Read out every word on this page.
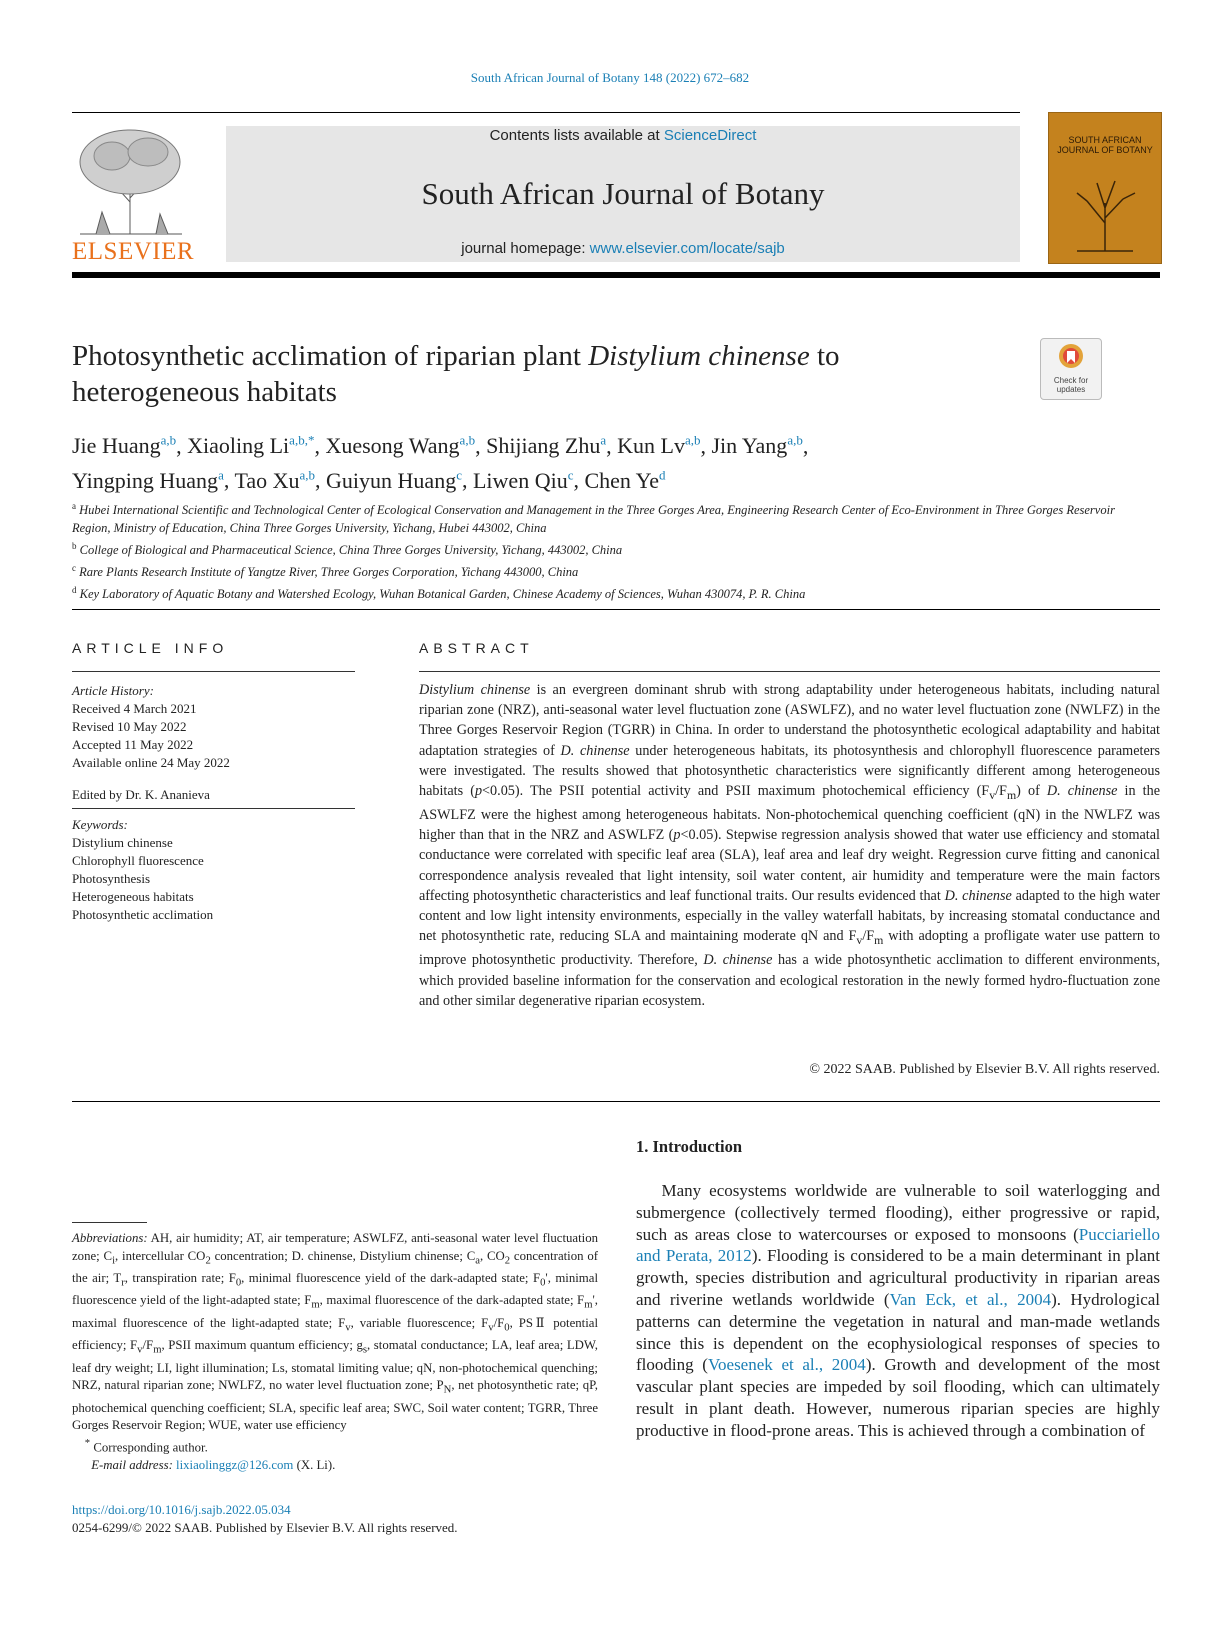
South African Journal of Botany 148 (2022) 672–682
ELSEVIER
Contents lists available at ScienceDirect
South African Journal of Botany
journal homepage: www.elsevier.com/locate/sajb
SOUTH AFRICAN JOURNAL OF BOTANY
Photosynthetic acclimation of riparian plant Distylium chinense to heterogeneous habitats	Check for
updates
Jie Huang$^{a,b}$, Xiaoling $Li^{a,b,*}$, Xuesong Wang$^{a,b}$, Shijiang Zhu$^a$, Kun Lv$^{a,b}$, Jin Yang$^{a,b}$,
Yingping Huang$^a$, Tao Xu$^{a,b}$, Guiyun Huang$^c$, Liwen Qiu$^c$, Chen Ye$^d$
$^a$ Hubei International Scientific and Technological Center of Ecological Conservation and Management in the Three Gorges Area, Engineering Research Center of Eco-Environment in Three Gorges Reservoir Region, Ministry of Education, China Three Gorges University, Yichang, Hubei 443002, China
$^b$ College of Biological and Pharmaceutical Science, China Three Gorges University, Yichang, 443002, China
$^c$ Rare Plants Research Institute of Yangtze River, Three Gorges Corporation, Yichang 443000, China
$^d$ Key Laboratory of Aquatic Botany and Watershed Ecology, Wuhan Botanical Garden, Chinese Academy of Sciences, Wuhan 430074, P. R. China
ARTICLE INFO
Article History:
Received 4 March 2021
Revised 10 May 2022
Accepted 11 May 2022
Available online 24 May 2022
Edited by Dr. K. Ananieva
Keywords:
Distylium chinense
Chlorophyll fluorescence
Photosynthesis
Heterogeneous habitats
Photosynthetic acclimation
ABSTRACT
Distylium chinense is an evergreen dominant shrub with strong adaptability under heterogeneous habitats, including natural riparian zone (NRZ), anti-seasonal water level fluctuation zone (ASWLFZ), and no water level fluctuation zone (NWLFZ) in the Three Gorges Reservoir Region (TGRR) in China. In order to understand the photosynthetic ecological adaptability and habitat adaptation strategies of D. chinense under heterogeneous habitats, its photosynthesis and chlorophyll fluorescence parameters were investigated. The results showed that photosynthetic characteristics were significantly different among heterogeneous habitats (p<0.05). The PSII potential activity and PSII maximum photochemical efficiency $(F_v/F_m)$ of D. chinense in the ASWLFZ were the highest among heterogeneous habitats. Non-photochemical quenching coefficient (qN) in the NWLFZ was higher than that in the NRZ and ASWLFZ (p<0.05). Stepwise regression analysis showed that water use efficiency and stomatal conductance were correlated with specific leaf area (SLA), leaf area and leaf dry weight. Regression curve fitting and canonical correspondence analysis revealed that light intensity, soil water content, air humidity and temperature were the main factors affecting photosynthetic characteristics and leaf functional traits. Our results evidenced that D. chinense adapted to the high water content and low light intensity environments, especially in the valley waterfall habitats, by increasing stomatal conductance and net photosynthetic rate, reducing SLA and maintaining moderate qN and $F_v/F_m$ with adopting a profligate water use pattern to improve photosynthetic productivity. Therefore, D. chinense has a wide photosynthetic acclimation to different environments, which provided baseline information for the conservation and ecological restoration in the newly formed hydro-fluctuation zone and other similar degenerative riparian ecosystem.
© 2022 SAAB. Published by Elsevier B.V. All rights reserved.
1. Introduction
  Many ecosystems worldwide are vulnerable to soil waterlogging and submergence (collectively termed flooding), either progressive or rapid, such as areas close to watercourses or exposed to monsoons (Pucciariello and Perata, 2012). Flooding is considered to be a main determinant in plant growth, species distribution and agricultural productivity in riparian areas and riverine wetlands worldwide (Van Eck, et al., 2004). Hydrological patterns can determine the vegetation in natural and man-made wetlands since this is dependent on the ecophysiological responses of species to flooding (Voesenek et al., 2004). Growth and development of the most vascular plant species are impeded by soil flooding, which can ultimately result in plant death. However, numerous riparian species are highly productive in flood-prone areas. This is achieved through a combination of
Abbreviations: AH, air humidity; AT, air temperature; ASWLFZ, anti-seasonal water level fluctuation zone; $C_i$, intercellular $CO_2$ concentration; D. chinense, Distylium chinense; $C_a$, $CO_2$ concentration of the air; $T_r$, transpiration rate; $F_0$, minimal fluorescence yield of the dark-adapted state; $F_0'$, minimal fluorescence yield of the light-adapted state; $F_m$, maximal fluorescence of the dark-adapted state; $F_m'$, maximal fluorescence of the light-adapted state; $F_v$, variable fluorescence; $F_v/F_0$, PSⅡ potential efficiency; $F_v/F_m$, PSII maximum quantum efficiency; $g_s$, stomatal conductance; LA, leaf area; LDW, leaf dry weight; LI, light illumination; Ls, stomatal limiting value; qN, non-photochemical quenching; NRZ, natural riparian zone; NWLFZ, no water level fluctuation zone; $P_N$, net photosynthetic rate; qP, photochemical quenching coefficient; SLA, specific leaf area; SWC, Soil water content; TGRR, Three Gorges Reservoir Region; WUE, water use efficiency
  * Corresponding author.
  E-mail address: lixiaolinggz@126.com (X. Li).
https://doi.org/10.1016/j.sajb.2022.05.034
0254-6299/© 2022 SAAB. Published by Elsevier B.V. All rights reserved.
